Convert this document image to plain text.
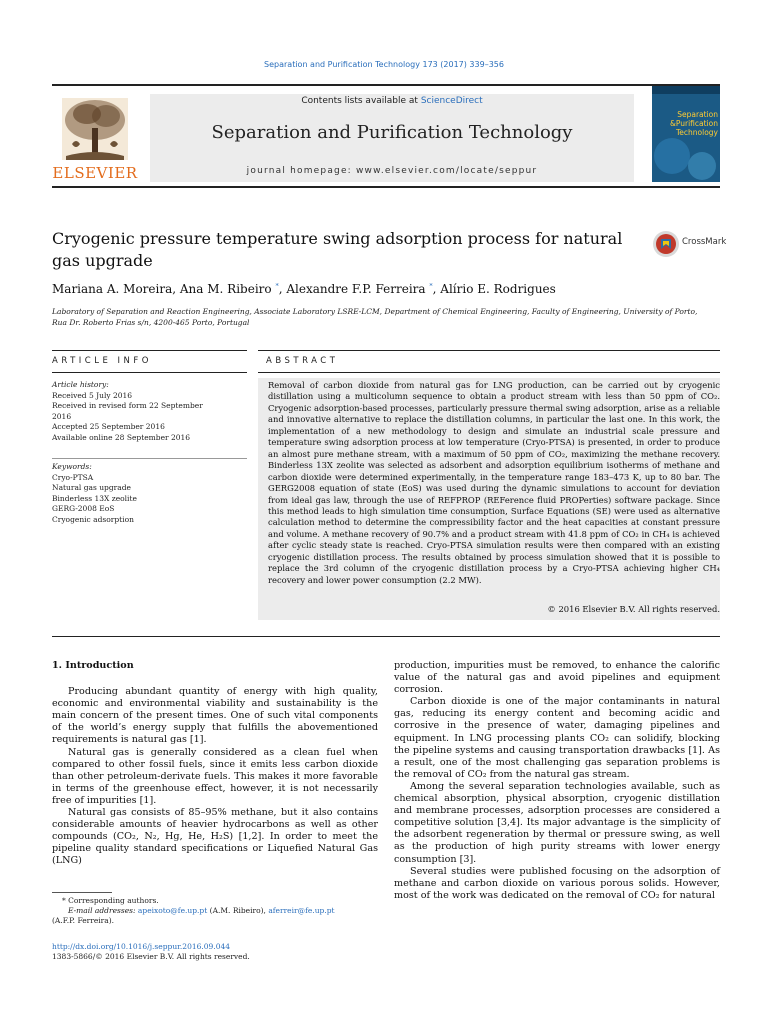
Separation and Purification Technology 173 (2017) 339–356
ELSEVIER
Contents lists available at ScienceDirect
Separation and Purification Technology
journal homepage: www.elsevier.com/locate/seppur
Separation
&Purification
Technology
Cryogenic pressure temperature swing adsorption process for natural gas upgrade
CrossMark
Mariana A. Moreira, Ana M. Ribeiro *, Alexandre F.P. Ferreira *, Alírio E. Rodrigues
Laboratory of Separation and Reaction Engineering, Associate Laboratory LSRE-LCM, Department of Chemical Engineering, Faculty of Engineering, University of Porto,
Rua Dr. Roberto Frias s/n, 4200-465 Porto, Portugal
ARTICLE INFO
Article history:
Received 5 July 2016
Received in revised form 22 September
2016
Accepted 25 September 2016
Available online 28 September 2016
Keywords:
Cryo-PTSA
Natural gas upgrade
Binderless 13X zeolite
GERG-2008 EoS
Cryogenic adsorption
ABSTRACT
Removal of carbon dioxide from natural gas for LNG production, can be carried out by cryogenic distillation using a multicolumn sequence to obtain a product stream with less than 50 ppm of CO₂. Cryogenic adsorption-based processes, particularly pressure thermal swing adsorption, arise as a reliable and innovative alternative to replace the distillation columns, in particular the last one. In this work, the implementation of a new methodology to design and simulate an industrial scale pressure and temperature swing adsorption process at low temperature (Cryo-PTSA) is presented, in order to produce an almost pure methane stream, with a maximum of 50 ppm of CO₂, maximizing the methane recovery. Binderless 13X zeolite was selected as adsorbent and adsorption equilibrium isotherms of methane and carbon dioxide were determined experimentally, in the temperature range 183–473 K, up to 80 bar. The GERG2008 equation of state (EoS) was used during the dynamic simulations to account for deviation from ideal gas law, through the use of REFPROP (REFerence fluid PROPerties) software package. Since this method leads to high simulation time consumption, Surface Equations (SE) were used as alternative calculation method to determine the compressibility factor and the heat capacities at constant pressure and volume. A methane recovery of 90.7% and a product stream with 41.8 ppm of CO₂ in CH₄ is achieved after cyclic steady state is reached. Cryo-PTSA simulation results were then compared with an existing cryogenic distillation process. The results obtained by process simulation showed that it is possible to replace the 3rd column of the cryogenic distillation process by a Cryo-PTSA achieving higher CH₄ recovery and lower power consumption (2.2 MW).
© 2016 Elsevier B.V. All rights reserved.
1. Introduction

Producing abundant quantity of energy with high quality, economic and environmental viability and sustainability is the main concern of the present times. One of such vital components of the world’s energy supply that fulfills the abovementioned requirements is natural gas [1].

Natural gas is generally considered as a clean fuel when compared to other fossil fuels, since it emits less carbon dioxide than other petroleum-derivate fuels. This makes it more favorable in terms of the greenhouse effect, however, it is not necessarily free of impurities [1].

Natural gas consists of 85–95% methane, but it also contains considerable amounts of heavier hydrocarbons as well as other compounds (CO₂, N₂, Hg, He, H₂S) [1,2]. In order to meet the pipeline quality standard specifications or Liquefied Natural Gas (LNG)

* Corresponding authors.
E-mail addresses: apeixoto@fe.up.pt (A.M. Ribeiro), aferreir@fe.up.pt
(A.F.P. Ferreira).
http://dx.doi.org/10.1016/j.seppur.2016.09.044
1383-5866/© 2016 Elsevier B.V. All rights reserved.

production, impurities must be removed, to enhance the calorific value of the natural gas and avoid pipelines and equipment corrosion.

Carbon dioxide is one of the major contaminants in natural gas, reducing its energy content and becoming acidic and corrosive in the presence of water, damaging pipelines and equipment. In LNG processing plants CO₂ can solidify, blocking the pipeline systems and causing transportation drawbacks [1]. As a result, one of the most challenging gas separation problems is the removal of CO₂ from the natural gas stream.

Among the several separation technologies available, such as chemical absorption, physical absorption, cryogenic distillation and membrane processes, adsorption processes are considered a competitive solution [3,4]. Its major advantage is the simplicity of the adsorbent regeneration by thermal or pressure swing, as well as the production of high purity streams with lower energy consumption [3].

Several studies were published focusing on the adsorption of methane and carbon dioxide on various porous solids. However, most of the work was dedicated on the removal of CO₂ for natural
